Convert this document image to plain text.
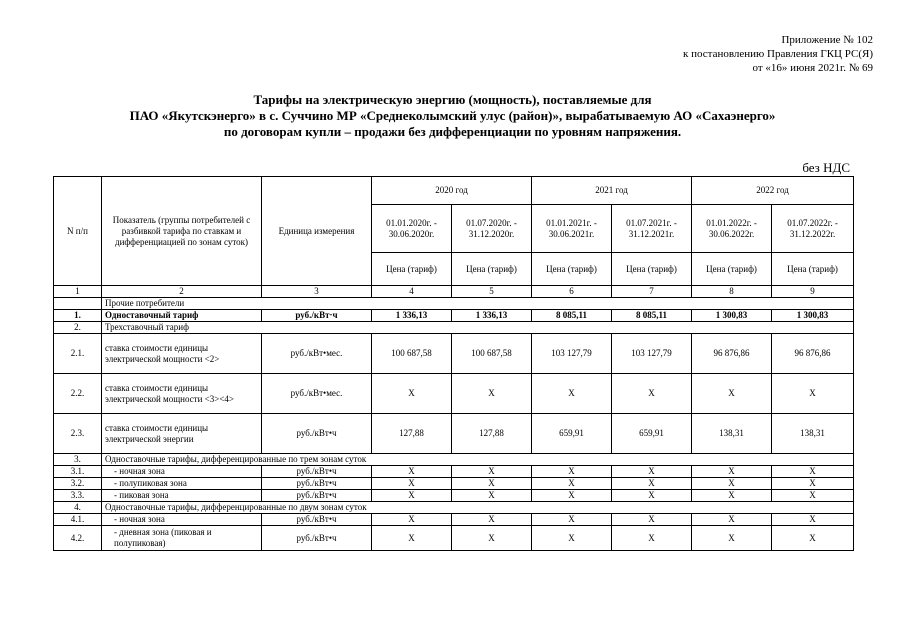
Приложение № 102
к постановлению Правления ГКЦ РС(Я)
от «16» июня 2021г. № 69
Тарифы на электрическую энергию (мощность), поставляемые для
ПАО «Якутскэнерго» в с. Суччино МР «Среднеколымский улус (район)», вырабатываемую АО «Сахаэнерго»
по договорам купли – продажи без дифференциации по уровням напряжения.
без НДС
N п/п	Показатель (группы потребителей с разбивкой тарифа по ставкам и дифференциацией по зонам суток)	Единица измерения	2020 год		2021 год		2022 год	
			01.01.2020г. - 30.06.2020г.	01.07.2020г. - 31.12.2020г.	01.01.2021г. - 30.06.2021г.	01.07.2021г. - 31.12.2021г.	01.01.2022г. - 30.06.2022г.	01.07.2022г. - 31.12.2022г.
			Цена (тариф)	Цена (тариф)	Цена (тариф)	Цена (тариф)	Цена (тариф)	Цена (тариф)
1	2	3	4	5	6	7	8	9
	Прочие потребители							
1.	Одноставочный тариф	руб./кВт·ч	1 336,13	1 336,13	8 085,11	8 085,11	1 300,83	1 300,83
2.	Трехставочный тариф							
2.1.	ставка стоимости единицы электрической мощности <2>	руб./кВт•мес.	100 687,58	100 687,58	103 127,79	103 127,79	96 876,86	96 876,86
2.2.	ставка стоимости единицы электрической мощности <3><4>	руб./кВт•мес.	X	X	X	X	X	X
2.3.	ставка стоимости единицы электрической энергии	руб./кВт•ч	127,88	127,88	659,91	659,91	138,31	138,31
3.	Одноставочные тарифы, дифференцированные по трем зонам суток							
3.1.	- ночная зона	руб./кВт•ч	X	X	X	X	X	X
3.2.	- полупиковая зона	руб./кВт•ч	X	X	X	X	X	X
3.3.	- пиковая зона	руб./кВт•ч	X	X	X	X	X	X
4.	Одноставочные тарифы, дифференцированные по двум зонам суток							
4.1.	- ночная зона	руб./кВт•ч	X	X	X	X	X	X
4.2.	- дневная зона (пиковая и полупиковая)	руб./кВт•ч	X	X	X	X	X	X
